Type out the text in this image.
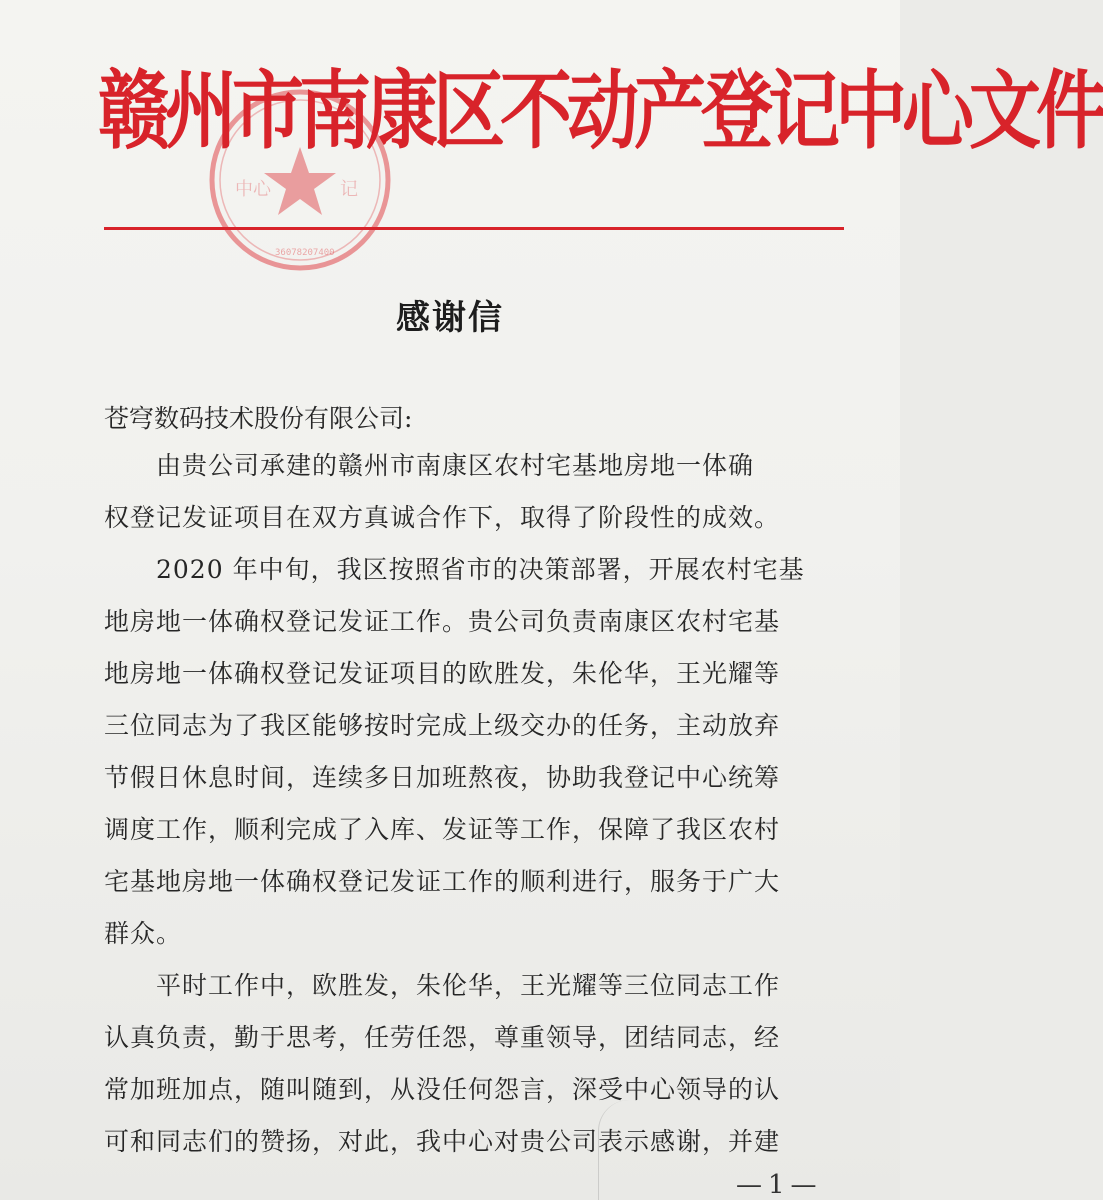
中心	记
36078207400
赣州市南康区不动产登记中心文件
感谢信
苍穹数码技术股份有限公司:
由贵公司承建的赣州市南康区农村宅基地房地一体确
权登记发证项目在双方真诚合作下，取得了阶段性的成效。
2020 年中旬，我区按照省市的决策部署，开展农村宅基
地房地一体确权登记发证工作。贵公司负责南康区农村宅基
地房地一体确权登记发证项目的欧胜发，朱伦华，王光耀等
三位同志为了我区能够按时完成上级交办的任务，主动放弃
节假日休息时间，连续多日加班熬夜，协助我登记中心统筹
调度工作，顺利完成了入库、发证等工作，保障了我区农村
宅基地房地一体确权登记发证工作的顺利进行，服务于广大
群众。
平时工作中，欧胜发，朱伦华，王光耀等三位同志工作
认真负责，勤于思考，任劳任怨，尊重领导，团结同志，经
常加班加点，随叫随到，从没任何怨言，深受中心领导的认
可和同志们的赞扬，对此，我中心对贵公司表示感谢，并建
—1—
